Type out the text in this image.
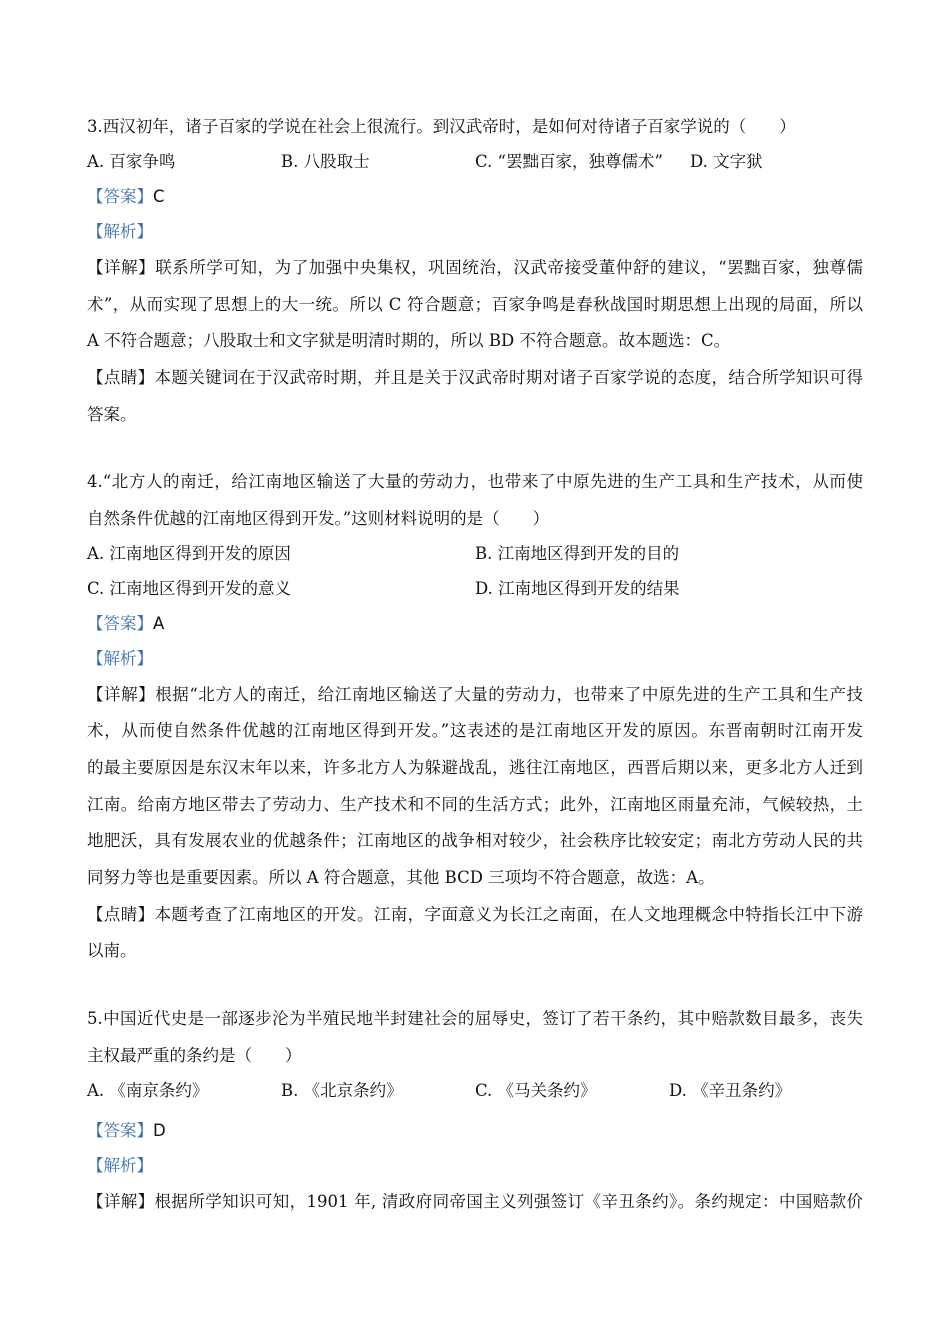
3.西汉初年，诸子百家的学说在社会上很流行。到汉武帝时，是如何对待诸子百家学说的（　　）
A. 百家争鸣	B. 八股取士	C. “罢黜百家，独尊儒术” D. 文字狱
【答案】C
【解析】
【详解】联系所学可知，为了加强中央集权，巩固统治，汉武帝接受董仲舒的建议，“罢黜百家，独尊儒
术”，从而实现了思想上的大一统。所以 C 符合题意；百家争鸣是春秋战国时期思想上出现的局面，所以
A 不符合题意；八股取士和文字狱是明清时期的，所以 BD 不符合题意。故本题选：C。
【点睛】本题关键词在于汉武帝时期，并且是关于汉武帝时期对诸子百家学说的态度，结合所学知识可得
答案。
4.“北方人的南迁，给江南地区输送了大量的劳动力，也带来了中原先进的生产工具和生产技术，从而使
自然条件优越的江南地区得到开发。”这则材料说明的是（　　）
A. 江南地区得到开发的原因	B. 江南地区得到开发的目的
C. 江南地区得到开发的意义	D. 江南地区得到开发的结果
【答案】A
【解析】
【详解】根据“北方人的南迁，给江南地区输送了大量的劳动力，也带来了中原先进的生产工具和生产技
术，从而使自然条件优越的江南地区得到开发。”这表述的是江南地区开发的原因。东晋南朝时江南开发
的最主要原因是东汉末年以来，许多北方人为躲避战乱，逃往江南地区，西晋后期以来，更多北方人迁到
江南。给南方地区带去了劳动力、生产技术和不同的生活方式；此外，江南地区雨量充沛，气候较热，土
地肥沃，具有发展农业的优越条件；江南地区的战争相对较少，社会秩序比较安定；南北方劳动人民的共
同努力等也是重要因素。所以 A 符合题意，其他 BCD 三项均不符合题意，故选：A。
【点睛】本题考查了江南地区的开发。江南，字面意义为长江之南面，在人文地理概念中特指长江中下游
以南。
5.中国近代史是一部逐步沦为半殖民地半封建社会的屈辱史，签订了若干条约，其中赔款数目最多，丧失
主权最严重的条约是（　　）
A. 《南京条约》	B. 《北京条约》	C. 《马关条约》	D. 《辛丑条约》
【答案】D
【解析】
【详解】根据所学知识可知，1901 年, 清政府同帝国主义列强签订《辛丑条约》。条约规定：中国赔款价
